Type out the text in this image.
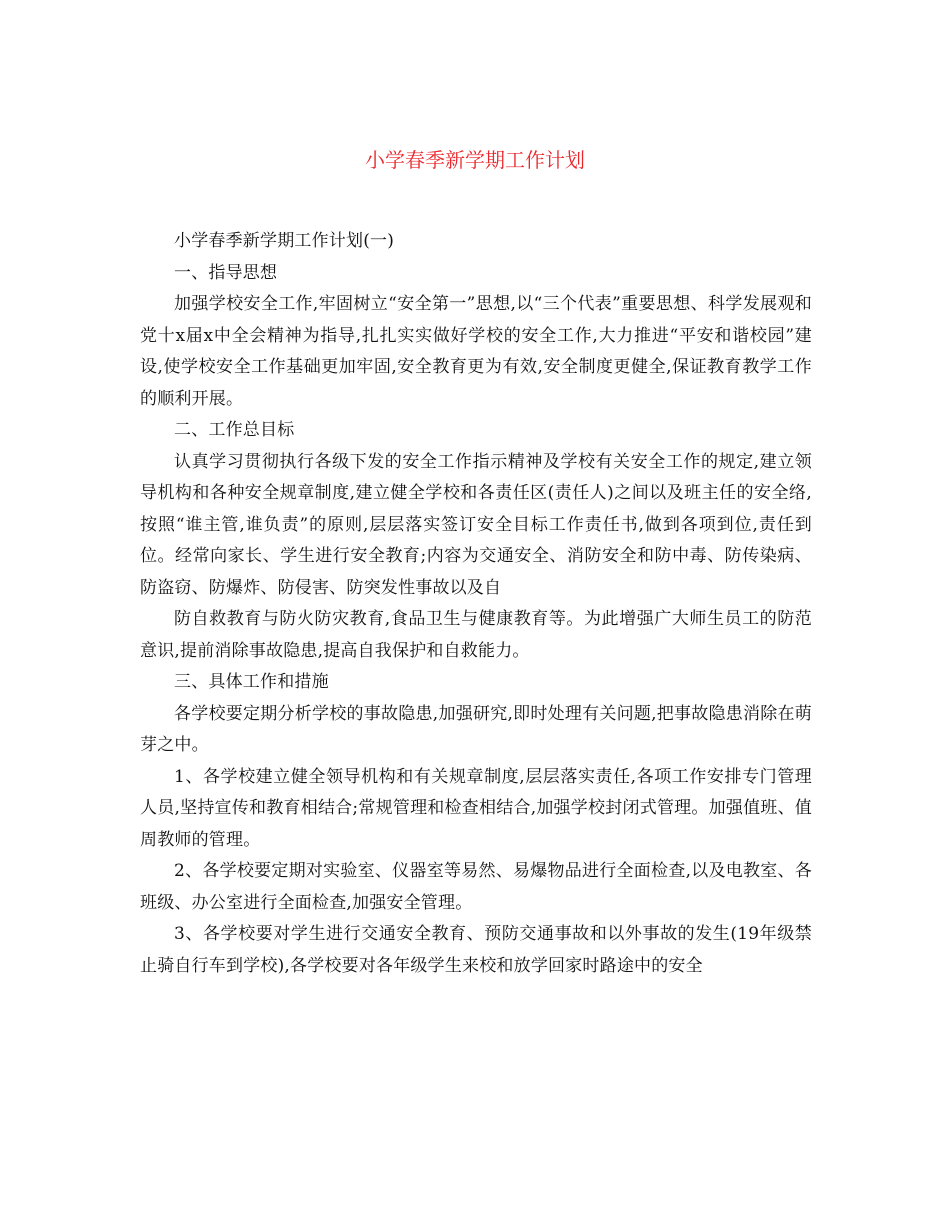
小学春季新学期工作计划

小学春季新学期工作计划(一)

一、指导思想

加强学校安全工作,牢固树立“安全第一”思想,以“三个代表”重要思想、科学发展观和党十x届x中全会精神为指导,扎扎实实做好学校的安全工作,大力推进“平安和谐校园”建设,使学校安全工作基础更加牢固,安全教育更为有效,安全制度更健全,保证教育教学工作的顺利开展。

二、工作总目标

认真学习贯彻执行各级下发的安全工作指示精神及学校有关安全工作的规定,建立领导机构和各种安全规章制度,建立健全学校和各责任区(责任人)之间以及班主任的安全络,按照“谁主管,谁负责”的原则,层层落实签订安全目标工作责任书,做到各项到位,责任到位。经常向家长、学生进行安全教育;内容为交通安全、消防安全和防中毒、防传染病、防盗窃、防爆炸、防侵害、防突发性事故以及自

防自救教育与防火防灾教育,食品卫生与健康教育等。为此增强广大师生员工的防范意识,提前消除事故隐患,提高自我保护和自救能力。

三、具体工作和措施

各学校要定期分析学校的事故隐患,加强研究,即时处理有关问题,把事故隐患消除在萌芽之中。

1、各学校建立健全领导机构和有关规章制度,层层落实责任,各项工作安排专门管理人员,坚持宣传和教育相结合;常规管理和检查相结合,加强学校封闭式管理。加强值班、值周教师的管理。

2、各学校要定期对实验室、仪器室等易然、易爆物品进行全面检查,以及电教室、各班级、办公室进行全面检查,加强安全管理。

3、各学校要对学生进行交通安全教育、预防交通事故和以外事故的发生(19年级禁止骑自行车到学校),各学校要对各年级学生来校和放学回家时路途中的安全
